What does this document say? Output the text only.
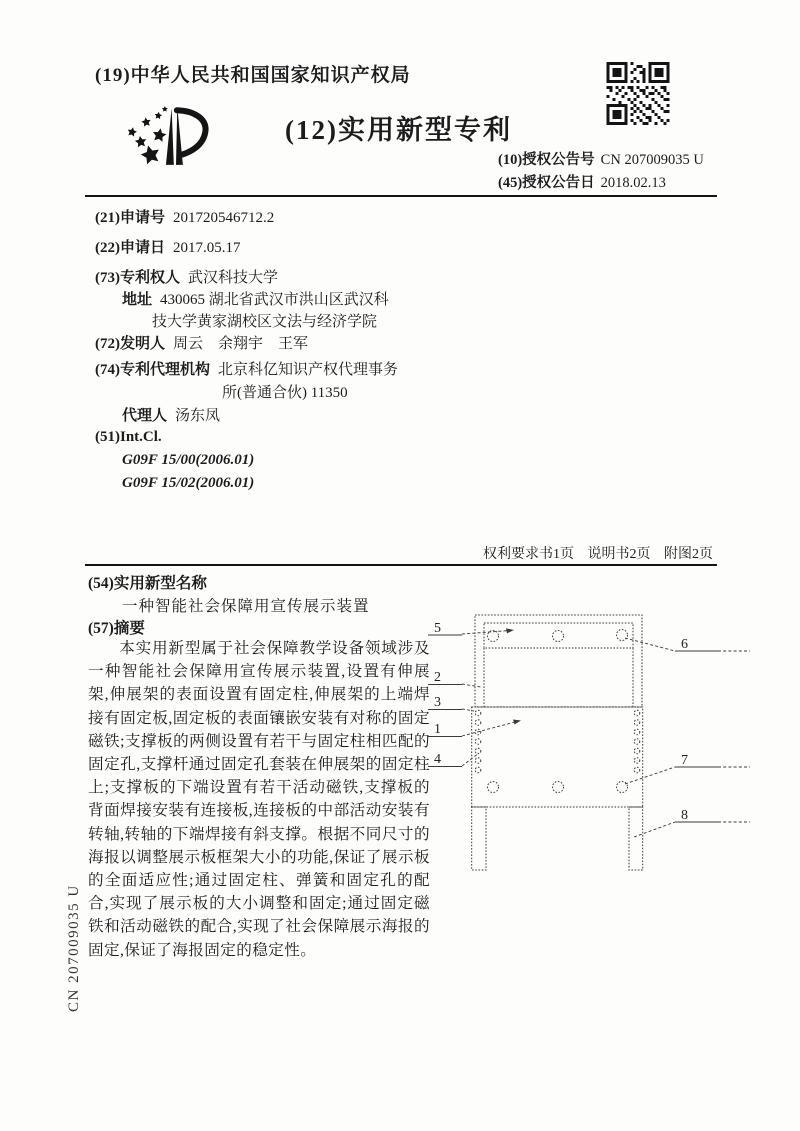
(19)中华人民共和国国家知识产权局
(12)实用新型专利
(10)授权公告号 CN 207009035 U
(45)授权公告日 2018.02.13
(21)申请号 201720546712.2
(22)申请日 2017.05.17
(73)专利权人 武汉科技大学
地址 430065 湖北省武汉市洪山区武汉科
技大学黄家湖校区文法与经济学院
(72)发明人 周云　余翔宇　王军
(74)专利代理机构 北京科亿知识产权代理事务
所(普通合伙) 11350
代理人 汤东凤
(51)Int.Cl.
G09F 15/00(2006.01)
G09F 15/02(2006.01)
权利要求书1页 说明书2页 附图2页
(54)实用新型名称
一种智能社会保障用宣传展示装置
(57)摘要
本实用新型属于社会保障教学设备领域涉及一种智能社会保障用宣传展示装置,设置有伸展架,伸展架的表面设置有固定柱,伸展架的上端焊接有固定板,固定板的表面镶嵌安装有对称的固定磁铁;支撑板的两侧设置有若干与固定柱相匹配的固定孔,支撑杆通过固定孔套装在伸展架的固定柱上;支撑板的下端设置有若干活动磁铁,支撑板的背面焊接安装有连接板,连接板的中部活动安装有转轴,转轴的下端焊接有斜支撑。根据不同尺寸的海报以调整展示板框架大小的功能,保证了展示板的全面适应性;通过固定柱、弹簧和固定孔的配合,实现了展示板的大小调整和固定;通过固定磁铁和活动磁铁的配合,实现了社会保障展示海报的固定,保证了海报固定的稳定性。
5
6
2
3
1
4	7
8
CN 207009035 U
